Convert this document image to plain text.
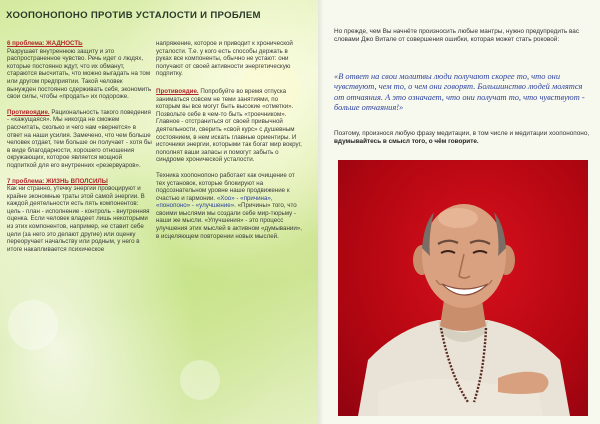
ХООПОНОПОНО ПРОТИВ УСТАЛОСТИ И ПРОБЛЕМ

6 проблема: ЖАДНОСТЬ
Разрушает внутреннюю защиту и это распространенное чувство. Речь идет о людях, которые постоянно ждут, что их обманут, стараются высчитать, что можно выгадать на том или другом предприятии. Такой человек вынужден постоянно сдерживать себя, экономить свои силы, чтобы «продать» их подороже.

Противоядие. Рациональность такого поведения - «кажущаяся». Мы никогда не сможем рассчитать, сколько и чего нам «вернется» в ответ на наши усилия. Замечено, что чем больше человек отдает, тем больше он получает - хотя бы в виде благодарности, хорошего отношения окружающих, которое является мощной подпиткой для его внутренних «резервуаров».

7 проблема: ЖИЗНЬ ВПОЛСИЛЫ
Как ни странно, утечку энергии провоцируют и крайне экономные траты этой самой энергии. В каждой деятельности есть пять компонентов: цель - план - исполнение - контроль - внутренняя оценка. Если человек владеет лишь некоторыми из этих компонентов, например, не ставит себе цели (за него это делают другие) или оценку переоручает начальству или родным, у него в итоге накапливается психическое

напряжение, которое и приводит к хронической усталости. Т.е. у кого есть способы держать в руках все компоненты, обычно не устают: они получают от своей активности энергетическую подпитку.

Противоядие. Попробуйте во время отпуска заниматься совсем не теми занятиями, по которым вы все могут быть высокие «отметки». Позвольте себе в чем-то быть «троечником». Главное - отстраниться от своей привычной деятельности, сверить «свой курс» с душевным состоянием, в нем искать главные ориентиры. И источники энергии, которыми так богат мир вокруг, пополнят ваши запасы и помогут забыть о синдроме хронической усталости.

Техника хоопонопоно работает как очищение от тех установок, которые блокируют на подсознательном уровне наше продвижение к счастью и гармонии. «Хоо» - «причина», «понопоно» - «улучшение». «Причины» того, что своими мыслями мы создали себе мир-тюрьму - наши же мысли. «Улучшения» - это процесс улучшения этих мыслей в активном «думывании», в исцеляющем повторении новых мыслей.

Но прежде, чем Вы начнёте произносить любые мантры, нужно предупредить вас словами Джо Витале от совершения ошибки, которая может стать роковой:

«В ответ на свои молитвы люди получают скорее то, что они чувствуют, чем то, о чем они говорят. Большинство людей молятся от отчаяния. А это означает, что они получат то, что чувствуют - больше отчаяния!»

Поэтому, произнося любую фразу медитации, в том числе и медитации хоопонопоно, вдумывайтесь в смысл того, о чём говорите.
